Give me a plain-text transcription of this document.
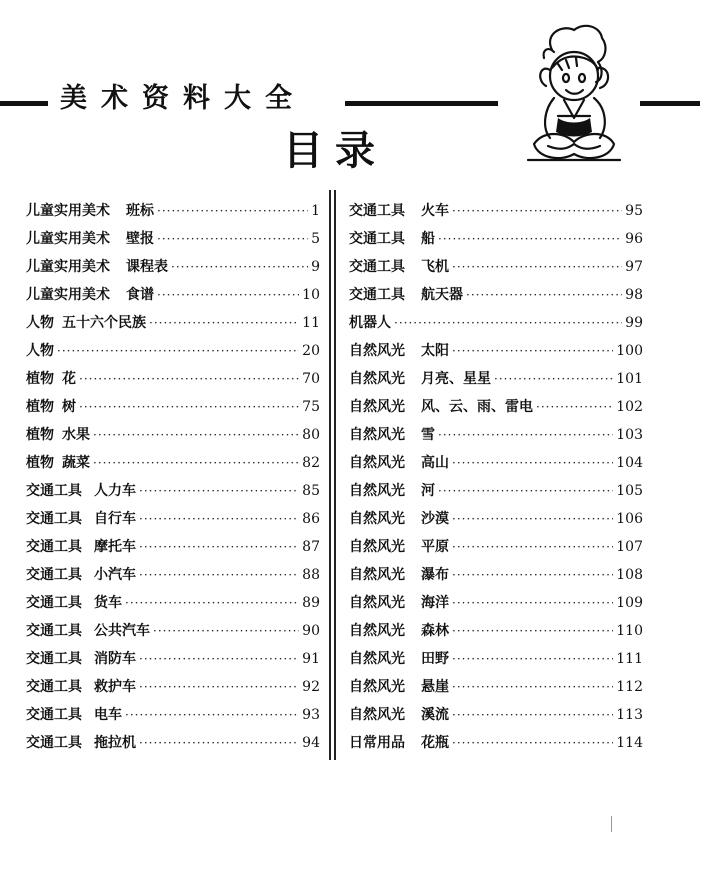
美术资料大全
目录
儿童实用美术 班标 ·····	1
儿童实用美术 壁报 ·····	5
儿童实用美术 课程表 ·····	9
儿童实用美术 食谱 ·····	10
人物 五十六个民族 ·····	11
人物 ·····	20
植物 花 ·····	70
植物 树 ·····	75
植物 水果 ·····	80
植物 蔬菜 ·····	82
交通工具 人力车 ·····	85
交通工具 自行车 ·····	86
交通工具 摩托车 ·····	87
交通工具 小汽车 ·····	88
交通工具 货车 ·····	89
交通工具 公共汽车 ·····	90
交通工具 消防车 ·····	91
交通工具 救护车 ·····	92
交通工具 电车 ·····	93
交通工具 拖拉机 ·····	94
交通工具 火车 ·····	95
交通工具 船 ·····	96
交通工具 飞机 ·····	97
交通工具 航天器 ·····	98
机器人 ·····	99
自然风光 太阳 ·····	100
自然风光 月亮、星星 ·····	101
自然风光 风、云、雨、雷电 ·····	102
自然风光 雪 ·····	103
自然风光 高山 ·····	104
自然风光 河 ·····	105
自然风光 沙漠 ·····	106
自然风光 平原 ·····	107
自然风光 瀑布 ·····	108
自然风光 海洋 ·····	109
自然风光 森林 ·····	110
自然风光 田野 ·····	111
自然风光 悬崖 ·····	112
自然风光 溪流 ·····	113
日常用品 花瓶 ·····	114
